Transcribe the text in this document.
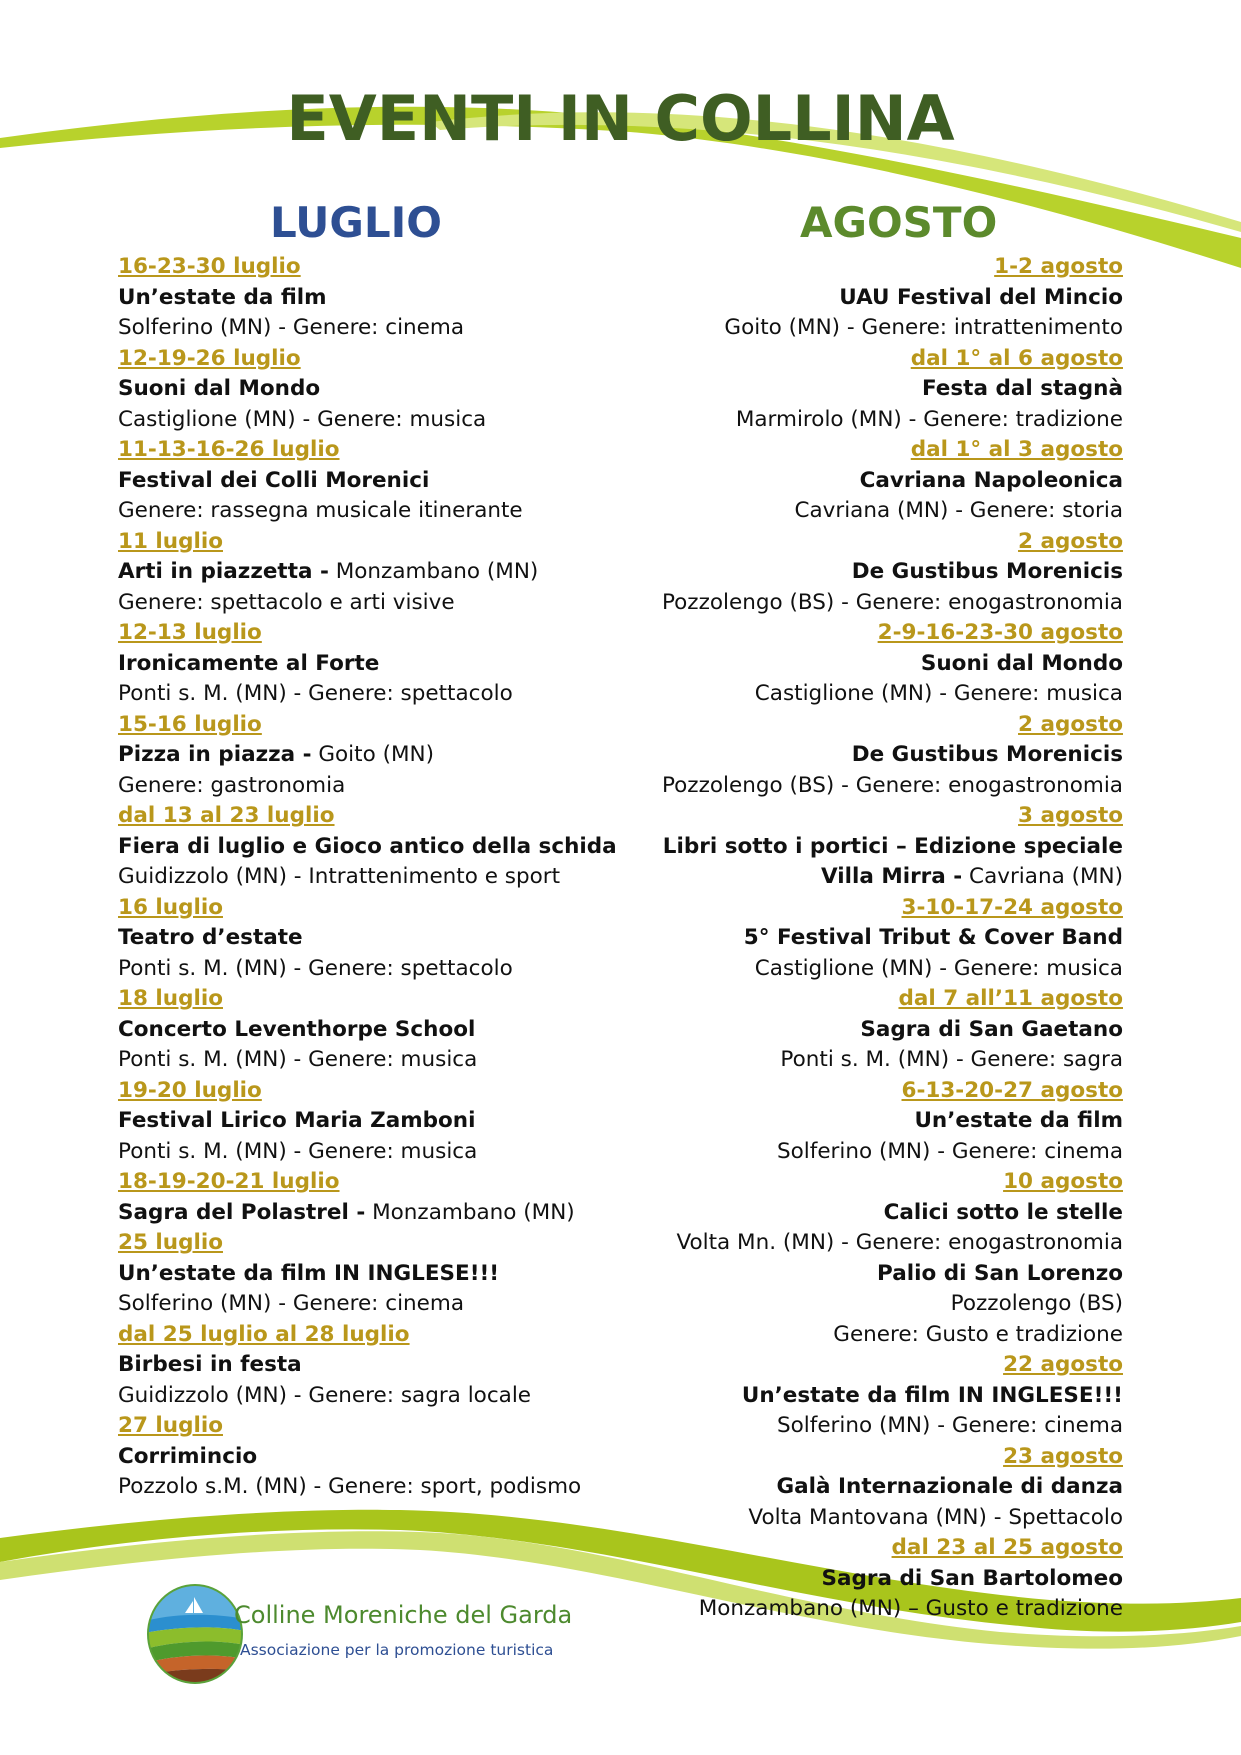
EVENTI IN COLLINA
LUGLIO	AGOSTO
16-23-30 luglio
Un’estate da film
Solferino (MN) - Genere: cinema
12-19-26 luglio
Suoni dal Mondo
Castiglione (MN) - Genere: musica
11-13-16-26 luglio
Festival dei Colli Morenici
Genere: rassegna musicale itinerante
11 luglio
Arti in piazzetta - Monzambano (MN)
Genere: spettacolo e arti visive
12-13 luglio
Ironicamente al Forte
Ponti s. M. (MN) - Genere: spettacolo
15-16 luglio
Pizza in piazza - Goito (MN)
Genere: gastronomia
dal 13 al 23 luglio
Fiera di luglio e Gioco antico della schida
Guidizzolo (MN) - Intrattenimento e sport
16 luglio
Teatro d’estate
Ponti s. M. (MN) - Genere: spettacolo
18 luglio
Concerto Leventhorpe School
Ponti s. M. (MN) - Genere: musica
19-20 luglio
Festival Lirico Maria Zamboni
Ponti s. M. (MN) - Genere: musica
18-19-20-21 luglio
Sagra del Polastrel - Monzambano (MN)
25 luglio
Un’estate da film IN INGLESE!!!
Solferino (MN) - Genere: cinema
dal 25 luglio al 28 luglio
Birbesi in festa
Guidizzolo (MN) - Genere: sagra locale
27 luglio
Corrimincio
Pozzolo s.M. (MN) - Genere: sport, podismo
1-2 agosto
UAU Festival del Mincio
Goito (MN) - Genere: intrattenimento
dal 1° al 6 agosto
Festa dal stagnà
Marmirolo (MN) - Genere: tradizione
dal 1° al 3 agosto
Cavriana Napoleonica
Cavriana (MN) - Genere: storia
2 agosto
De Gustibus Morenicis
Pozzolengo (BS) - Genere: enogastronomia
2-9-16-23-30 agosto
Suoni dal Mondo
Castiglione (MN) - Genere: musica
2 agosto
De Gustibus Morenicis
Pozzolengo (BS) - Genere: enogastronomia
3 agosto
Libri sotto i portici – Edizione speciale
Villa Mirra - Cavriana (MN)
3-10-17-24 agosto
5° Festival Tribut & Cover Band
Castiglione (MN) - Genere: musica
dal 7 all’11 agosto
Sagra di San Gaetano
Ponti s. M. (MN) - Genere: sagra
6-13-20-27 agosto
Un’estate da film
Solferino (MN) - Genere: cinema
10 agosto
Calici sotto le stelle
Volta Mn. (MN) - Genere: enogastronomia
Palio di San Lorenzo
Pozzolengo (BS)
Genere: Gusto e tradizione
22 agosto
Un’estate da film IN INGLESE!!!
Solferino (MN) - Genere: cinema
23 agosto
Galà Internazionale di danza
Volta Mantovana (MN) - Spettacolo
dal 23 al 25 agosto
Sagra di San Bartolomeo
Monzambano (MN) – Gusto e tradizione
Colline Moreniche del Garda
Associazione per la promozione turistica
